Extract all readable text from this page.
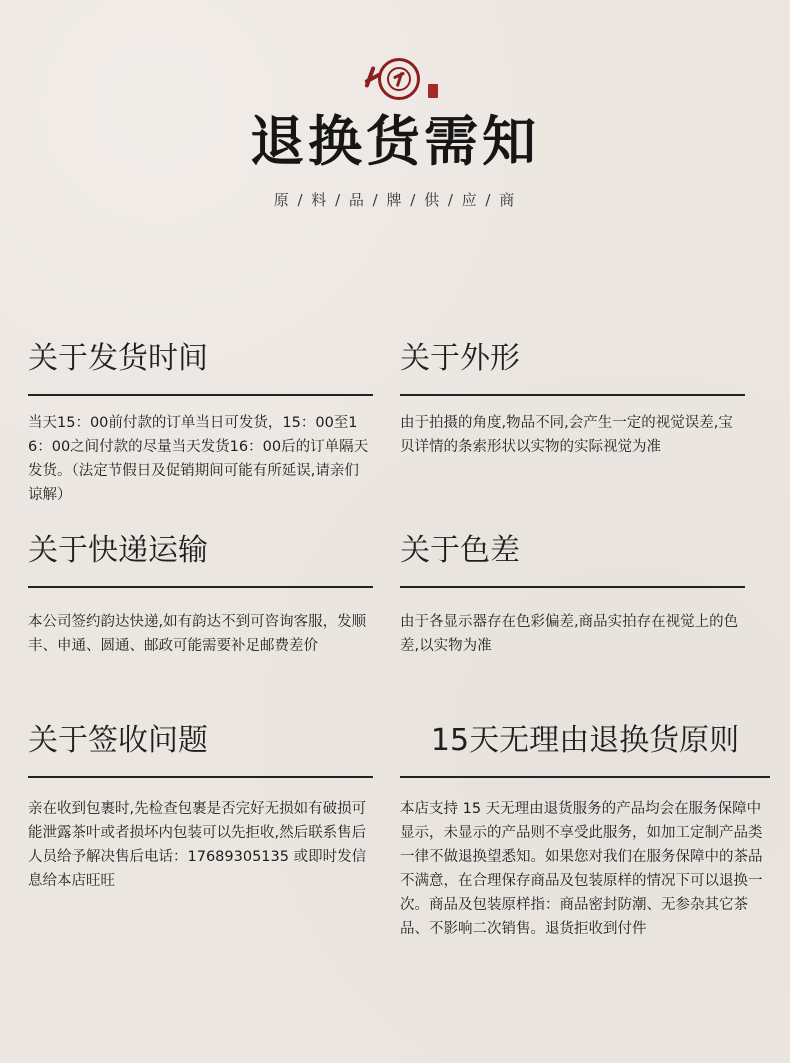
退换货需知
原 / 料 / 品 / 牌 / 供 / 应 / 商
关于发货时间

当天15：00前付款的订单当日可发货，15：00至16：00之间付款的尽量当天发货16：00后的订单隔天发货。（法定节假日及促销期间可能有所延误,请亲们谅解）

关于外形

由于拍摄的角度,物品不同,会产生一定的视觉误差,宝贝详情的条索形状以实物的实际视觉为准

关于快递运输

本公司签约韵达快递,如有韵达不到可咨询客服，发顺丰、申通、圆通、邮政可能需要补足邮费差价

关于色差

由于各显示器存在色彩偏差,商品实拍存在视觉上的色差,以实物为准

关于签收问题

亲在收到包裹时,先检查包裹是否完好无损如有破损可能泄露茶叶或者损坏内包装可以先拒收,然后联系售后人员给予解决售后电话：17689305135 或即时发信息给本店旺旺

15天无理由退换货原则

本店支持 15 天无理由退货服务的产品均会在服务保障中显示，未显示的产品则不享受此服务，如加工定制产品类一律不做退换望悉知。如果您对我们在服务保障中的茶品不满意，在合理保存商品及包装原样的情况下可以退换一次。商品及包装原样指：商品密封防潮、无参杂其它茶品、不影响二次销售。退货拒收到付件
